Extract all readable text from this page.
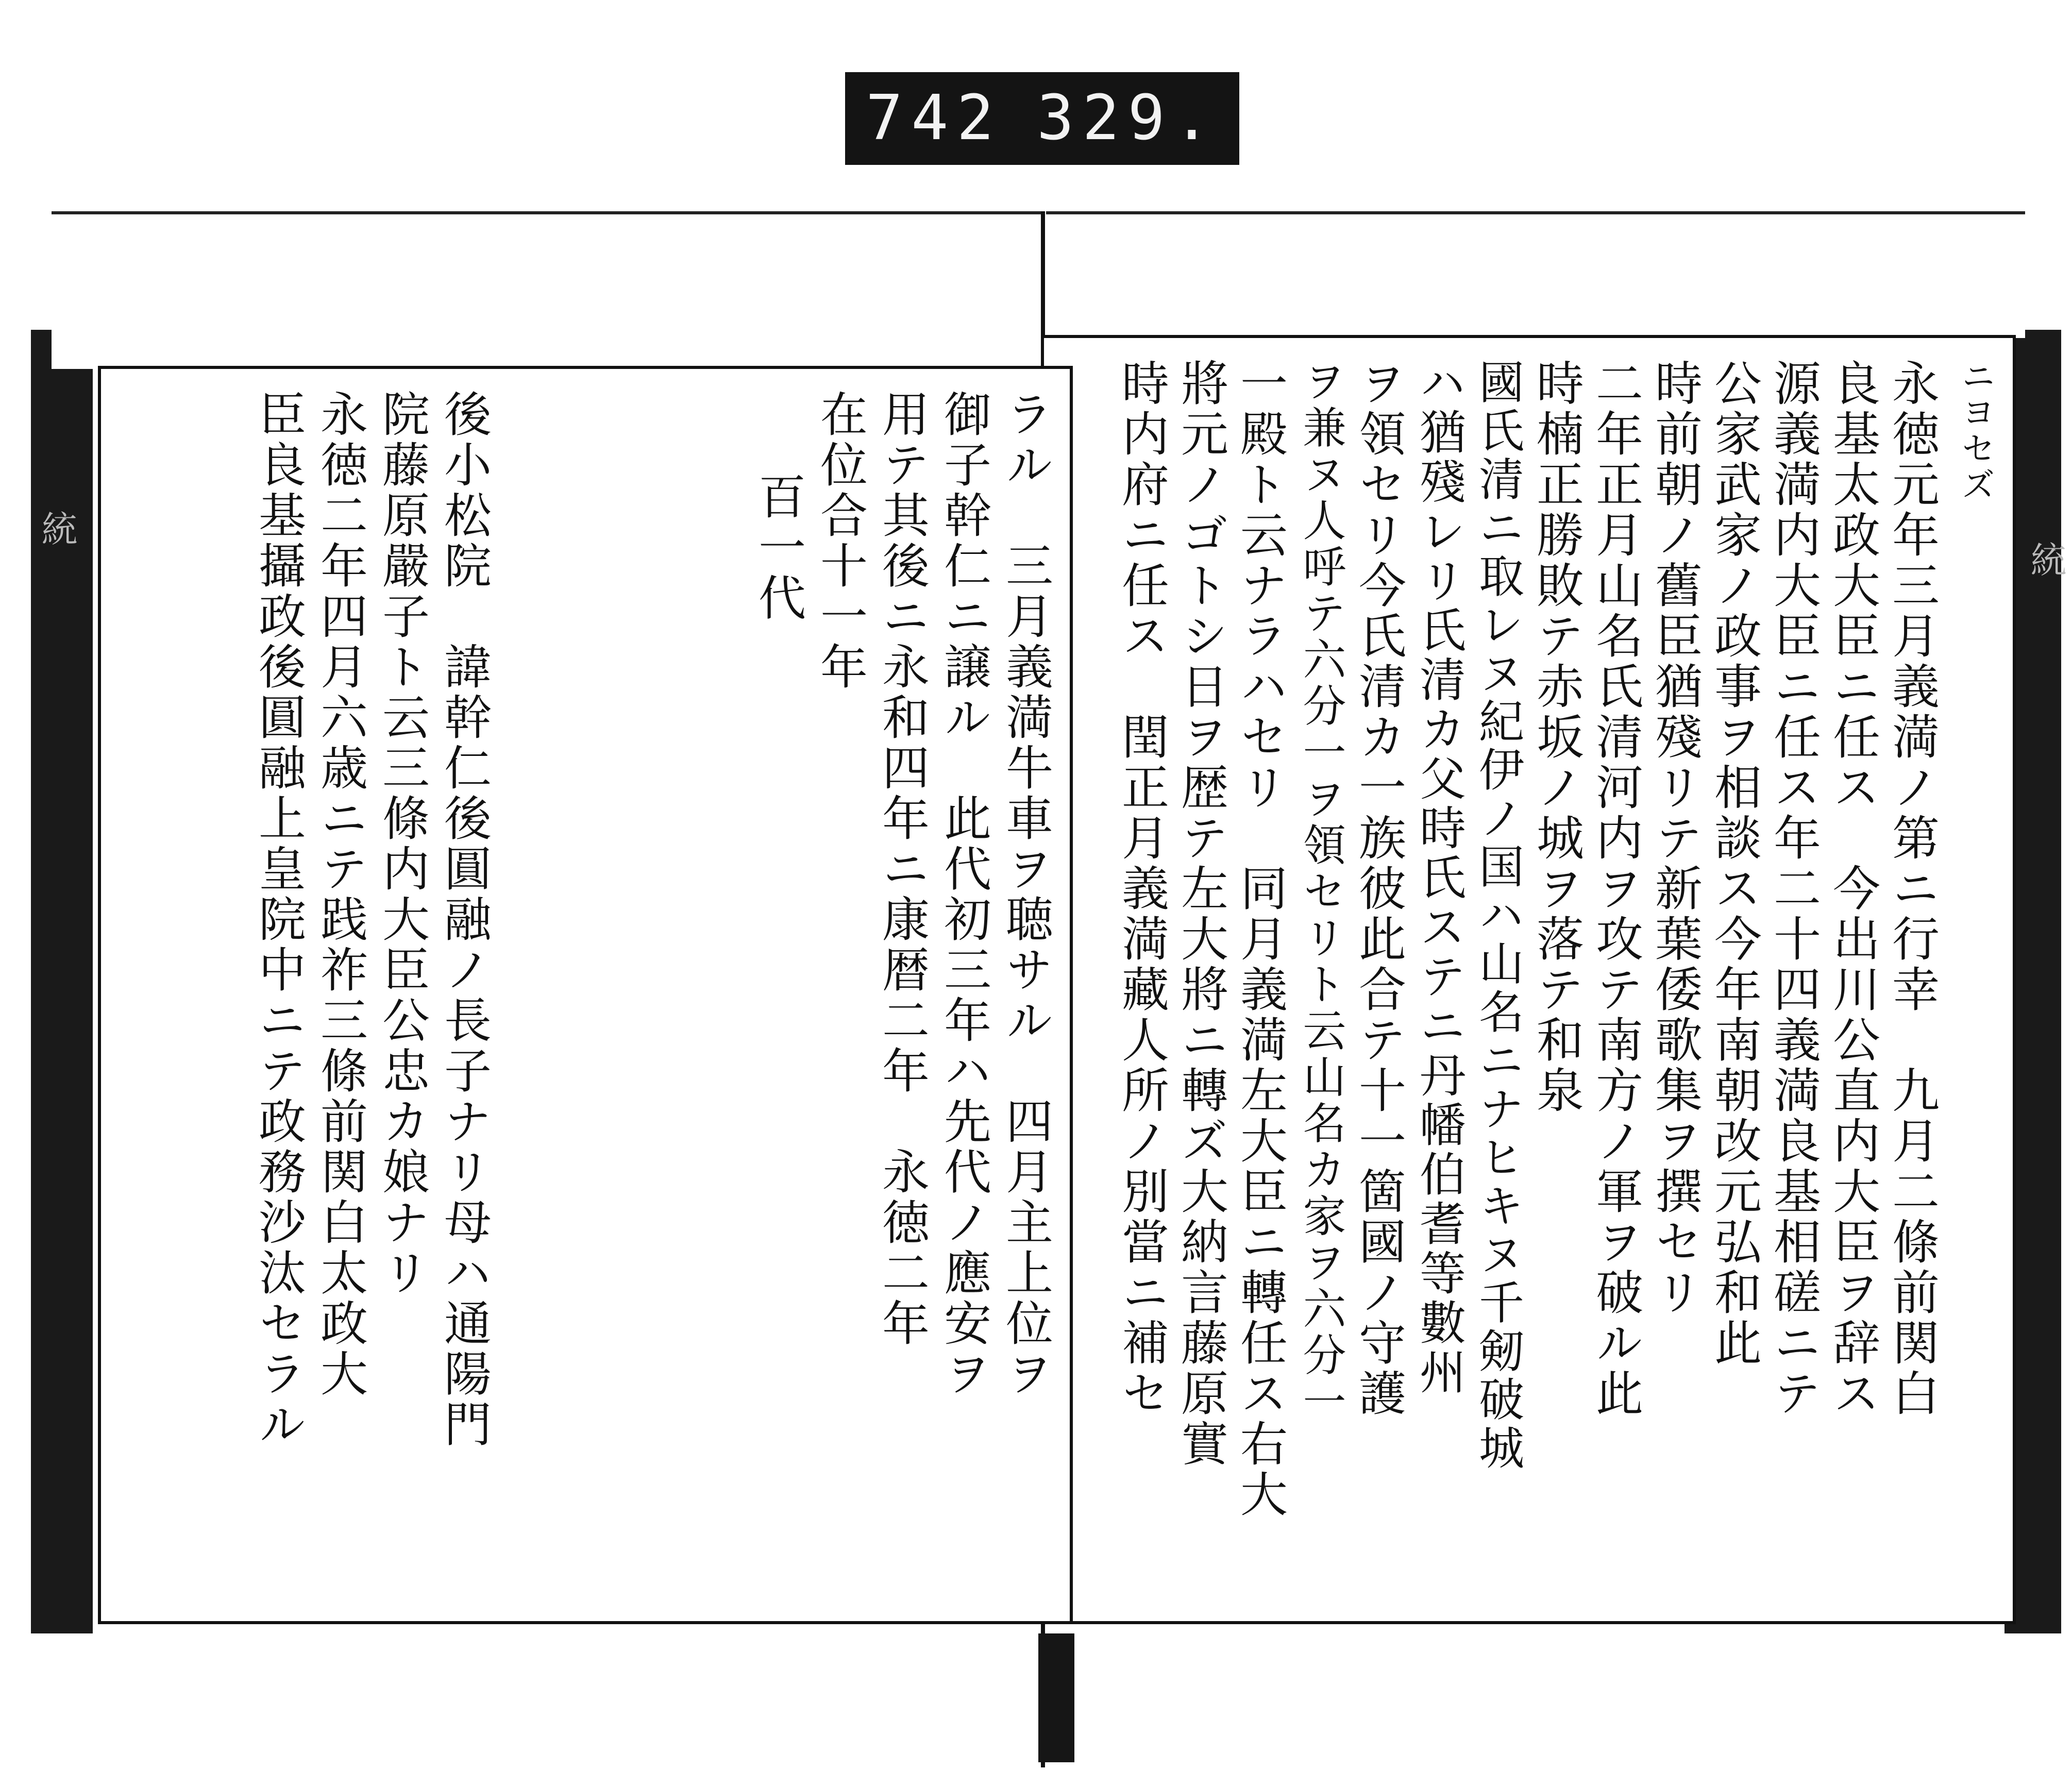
742 329.
ニヨセズ
永徳元年三月義満ノ第ニ行幸　九月二條前関白
良基太政大臣ニ任ス　今出川公直内大臣ヲ辞ス
源義満内大臣ニ任ス年二十四義満良基相磋ニテ
公家武家ノ政事ヲ相談ス今年南朝改元弘和此
時前朝ノ舊臣猶殘リテ新葉倭歌集ヲ撰セリ
二年正月山名氏清河内ヲ攻テ南方ノ軍ヲ破ル此
時楠正勝敗テ赤坂ノ城ヲ落テ和泉
國氏清ニ取レヌ紀伊ノ国ハ山名ニナヒキヌ千剱破城
ハ猶殘レリ氏清カ父時氏ステニ丹幡伯耆等數州
ヲ領セリ今氏清カ一族彼此合テ十一箇國ノ守護
ヲ兼ヌ人呼テ六分一ヲ領セリト云山名カ家ヲ六分一
一殿ト云ナラハセリ　同月義満左大臣ニ轉任ス右大
將元ノゴトシ日ヲ歴テ左大將ニ轉ズ大納言藤原實
時内府ニ任ス　閏正月義満藏人所ノ別當ニ補セ
ラル　三月義満牛車ヲ聴サル　四月主上位ヲ
御子幹仁ニ譲ル　此代初三年ハ先代ノ應安ヲ
用テ其後ニ永和四年ニ康暦二年　永徳二年
在位合十一年
百一代
後小松院　諱幹仁後圓融ノ長子ナリ母ハ通陽門
院藤原嚴子ト云三條内大臣公忠カ娘ナリ
永徳二年四月六歳ニテ践祚三條前関白太政大
臣良基攝政後圓融上皇院中ニテ政務沙汰セラル
統
統
